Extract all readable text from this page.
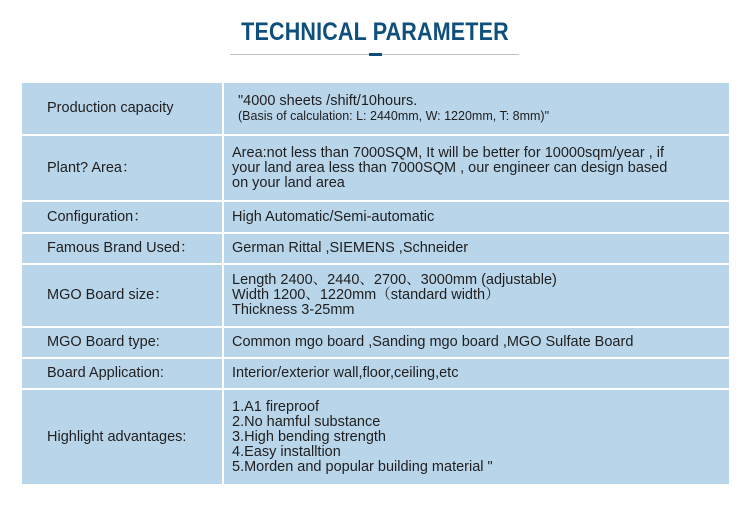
TECHNICAL PARAMETER
Production capacity	"4000 sheets /shift/10hours.
(Basis of calculation: L: 2440mm, W: 1220mm, T: 8mm)"

Plant? Area：	Area:not less than 7000SQM, It will be better for 10000sqm/year , if
your land area less than 7000SQM , our engineer can design based
on your land area

Configuration：	High Automatic/Semi-automatic

Famous Brand Used：	German Rittal ,SIEMENS ,Schneider

MGO Board size：	Length 2400、2440、2700、3000mm (adjustable)
Width 1200、1220mm（standard width）
Thickness 3-25mm

MGO Board type:	Common mgo board ,Sanding mgo board ,MGO Sulfate Board

Board Application:	Interior/exterior wall,floor,ceiling,etc

Highlight advantages:	1.A1 fireproof
2.No hamful substance
3.High bending strength
4.Easy installtion
5.Morden and popular building material "
